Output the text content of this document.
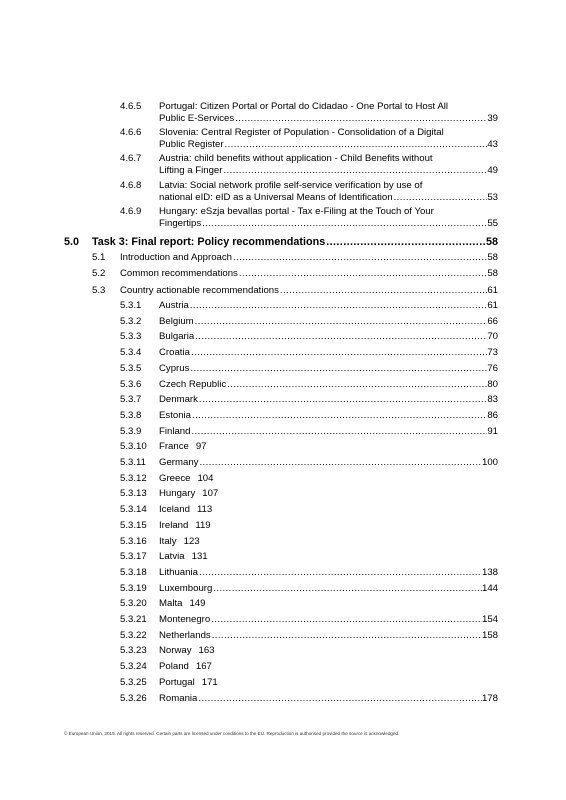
4.6.5 Portugal: Citizen Portal or Portal do Cidadao - One Portal to Host All
Public E-Services .....	39
4.6.6 Slovenia: Central Register of Population - Consolidation of a Digital
Public Register .....	43
4.6.7 Austria: child benefits without application - Child Benefits without
Lifting a Finger .....	49
4.6.8 Latvia: Social network profile self-service verification by use of
national eID: eID as a Universal Means of Identification .....	53
4.6.9 Hungary: eSzja bevallas portal - Tax e-Filing at the Touch of Your
Fingertips .....	55
5.0 Task 3: Final report: Policy recommendations .....	58
5.1 Introduction and Approach .....	58
5.2 Common recommendations .....	58
5.3 Country actionable recommendations .....	61
5.3.1 Austria .....	61
5.3.2 Belgium .....	66
5.3.3 Bulgaria .....	70
5.3.4 Croatia .....	73
5.3.5 Cyprus .....	76
5.3.6 Czech Republic .....	80
5.3.7 Denmark .....	83
5.3.8 Estonia .....	86
5.3.9 Finland .....	91
5.3.10 France 97
5.3.11 Germany .....	100
5.3.12 Greece 104
5.3.13 Hungary 107
5.3.14 Iceland 113
5.3.15 Ireland 119
5.3.16 Italy 123
5.3.17 Latvia 131
5.3.18 Lithuania .....	138
5.3.19 Luxembourg .....	144
5.3.20 Malta 149
5.3.21 Montenegro .....	154
5.3.22 Netherlands .....	158
5.3.23 Norway 163
5.3.24 Poland 167
5.3.25 Portugal 171
5.3.26 Romania .....	178
© European Union, 2019. All rights reserved. Certain parts are licensed under conditions to the EU. Reproduction is authorised provided the source is acknowledged.
